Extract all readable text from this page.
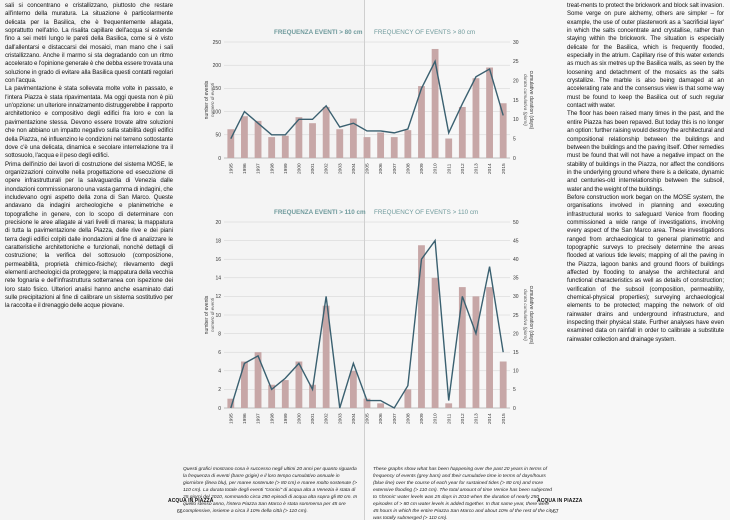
sali si concentrano e cristallizzano, piuttosto che restare all'interno della muratura. La situazione è particolarmente delicata per la Basilica, che è frequentemente allagata, soprattutto nell'atrio. La risalita capillare dell'acqua si estende fino a sei metri lungo le pareti della Basilica, come si è visto dall'allentarsi e distaccarsi dei mosaici, man mano che i sali cristallizzano. Anche il marmo si sta degradando con un ritmo accelerato e l'opinione generale è che debba essere trovata una soluzione in grado di evitare alla Basilica questi contatti regolari con l'acqua.

La pavimentazione è stata sollevata molte volte in passato, e l'intera Piazza è stata ripavimentata. Ma oggi questa non è più un'opzione: un ulteriore innalzamento distruggerebbe il rapporto architettonico e compositivo degli edifici fra loro e con la pavimentazione stessa. Devono essere trovate altre soluzioni che non abbiano un impatto negativo sulla stabilità degli edifici della Piazza, né influenzino le condizioni nel terreno sottostante dove c'è una delicata, dinamica e secolare interrelazione tra il sottosuolo, l'acqua e il peso degli edifici.

Prima dell'inizio dei lavori di costruzione del sistema MOSE, le organizzazioni coinvolte nella progettazione ed esecuzione di opere infrastrutturali per la salvaguardia di Venezia dalle inondazioni commissionarono una vasta gamma di indagini, che includevano ogni aspetto della zona di San Marco. Queste andavano da indagini archeologiche e planimetriche e topografiche in genere, con lo scopo di determinare con precisione le aree allagate ai vari livelli di marea; la mappatura di tutta la pavimentazione della Piazza, delle rive e dei piani terra degli edifici colpiti dalle inondazioni al fine di analizzare le caratteristiche architettoniche e funzionali, nonché dettagli di costruzione; la verifica del sottosuolo (composizione, permeabilità, proprietà chimico-fisiche); rilevamento degli elementi archeologici da proteggere; la mappatura della vecchia rete fognaria e dell'infrastruttura sotterranea con ispezione dei loro stato fisico. Ulteriori analisi hanno anche esaminato dati sulle precipitazioni al fine di calibrare un sistema sostitutivo per la raccolta e il drenaggio delle acque piovane.

treat-ments to protect the brickwork and block salt invasion. Some verge on pure alchemy, others are simpler – for example, the use of outer plasterwork as a 'sacrificial layer' in which the salts concentrate and crystallise, rather than staying within the brickwork. The situation is especially delicate for the Basilica, which is frequently flooded, especially in the atrium. Capillary rise of this water extends as much as six metres up the Basilica walls, as seen by the loosening and detachment of the mosaics as the salts crystallize. The marble is also being damaged at an accelerating rate and the consensus view is that some way must be found to keep the Basilica out of such regular contact with water.

The floor has been raised many times in the past, and the entire Piazza has been repaved. But today this is no longer an option: further raising would destroy the architectural and compositional relationship between the buildings and between the buildings and the paving itself. Other remedies must be found that will not have a negative impact on the stability of buildings in the Piazza, nor affect the conditions in the underlying ground where there is a delicate, dynamic and centuries-old interrelationship between the subsoil, water and the weight of the buildings.

Before construction work began on the MOSE system, the organisations involved in planning and executing infrastructural works to safeguard Venice from flooding commissioned a wide range of investigations, involving every aspect of the San Marco area. These investigations ranged from archaeological to general planimetric and topographic surveys to precisely determine the areas flooded at various tide levels; mapping of all the paving in the Piazza, lagoon banks and ground floors of buildings affected by flooding to analyse the architectural and functional characteristics as well as details of construction; verification of the subsoil (composition, permeability, chemical-physical properties); surveying archaeological elements to be protected; mapping the network of old rainwater drains and underground infrastructure, and inspecting their physical state. Further analyses have even examined data on rainfall in order to calibrate a substitute rainwater collection and drainage system.

FREQUENZA EVENTI > 80 cm FREQUENCY OF EVENTS > 80 cm
0
50
100
150
200
250
0
5
10
15
20
25
30
1995 1996 1997 1998 1999 2000 2001 2002 2003 2004 2005 2006 2007 2008 2009 2010 2011 2012 2013 2014 2015
number of events numero di eventi	cumulative duration (days)
durata cumulativa (giorni)
FREQUENZA EVENTI > 110 cm FREQUENCY OF EVENTS > 110 cm
0
2
4
6
8
10
12
14
16
18
20
0
5
10
15
20
25
30
35
40
45
50
1995 1996 1997 1998 1999 2000 2001 2002 2003 2004 2005 2006 2007 2008 2009 2010 2011 2012 2013 2014 2015
number of events numero di eventi	cumulative duration (days)
durata cumulativa (giorni)
Questi grafici mostrano cosa è successo negli ultimi 20 anni per quanto riguarda la frequenza di eventi (barre grigie) e il loro tempo cumulativo annuale in giorni/ore (linea blu), per maree sostenute (> 80 cm) e maree molto sostenute (> 110 cm). La durata totale degli eventi "cronici" di acqua alta a Venezia è stata di 25 giorni del 2010, sommando circa 250 episodi di acqua alta sopra gli 80 cm. In quello stesso anno, l'intera Piazza San Marco è stata sommersa per 45 ore complessive, insieme a circa il 10% della città (> 110 cm).
These graphs show what has been happening over the past 20 years in terms of frequency of events (grey bars) and their cumulative time in terms of days/hours (blue line) over the course of each year for sustained tides (> 80 cm) and more extensive flooding (> 110 cm). The total amount of time Venice has been subjected to 'chronic' water levels was 25 days in 2010 when the duration of nearly 250 episodes of > 80 cm water levels is added together. In that same year, there were 45 hours in which the entire Piazza San Marco and about 10% of the rest of the city was totally submerged (> 110 cm).
ACQUA IN PIAZZA
66
ACQUA IN PIAZZA
67
